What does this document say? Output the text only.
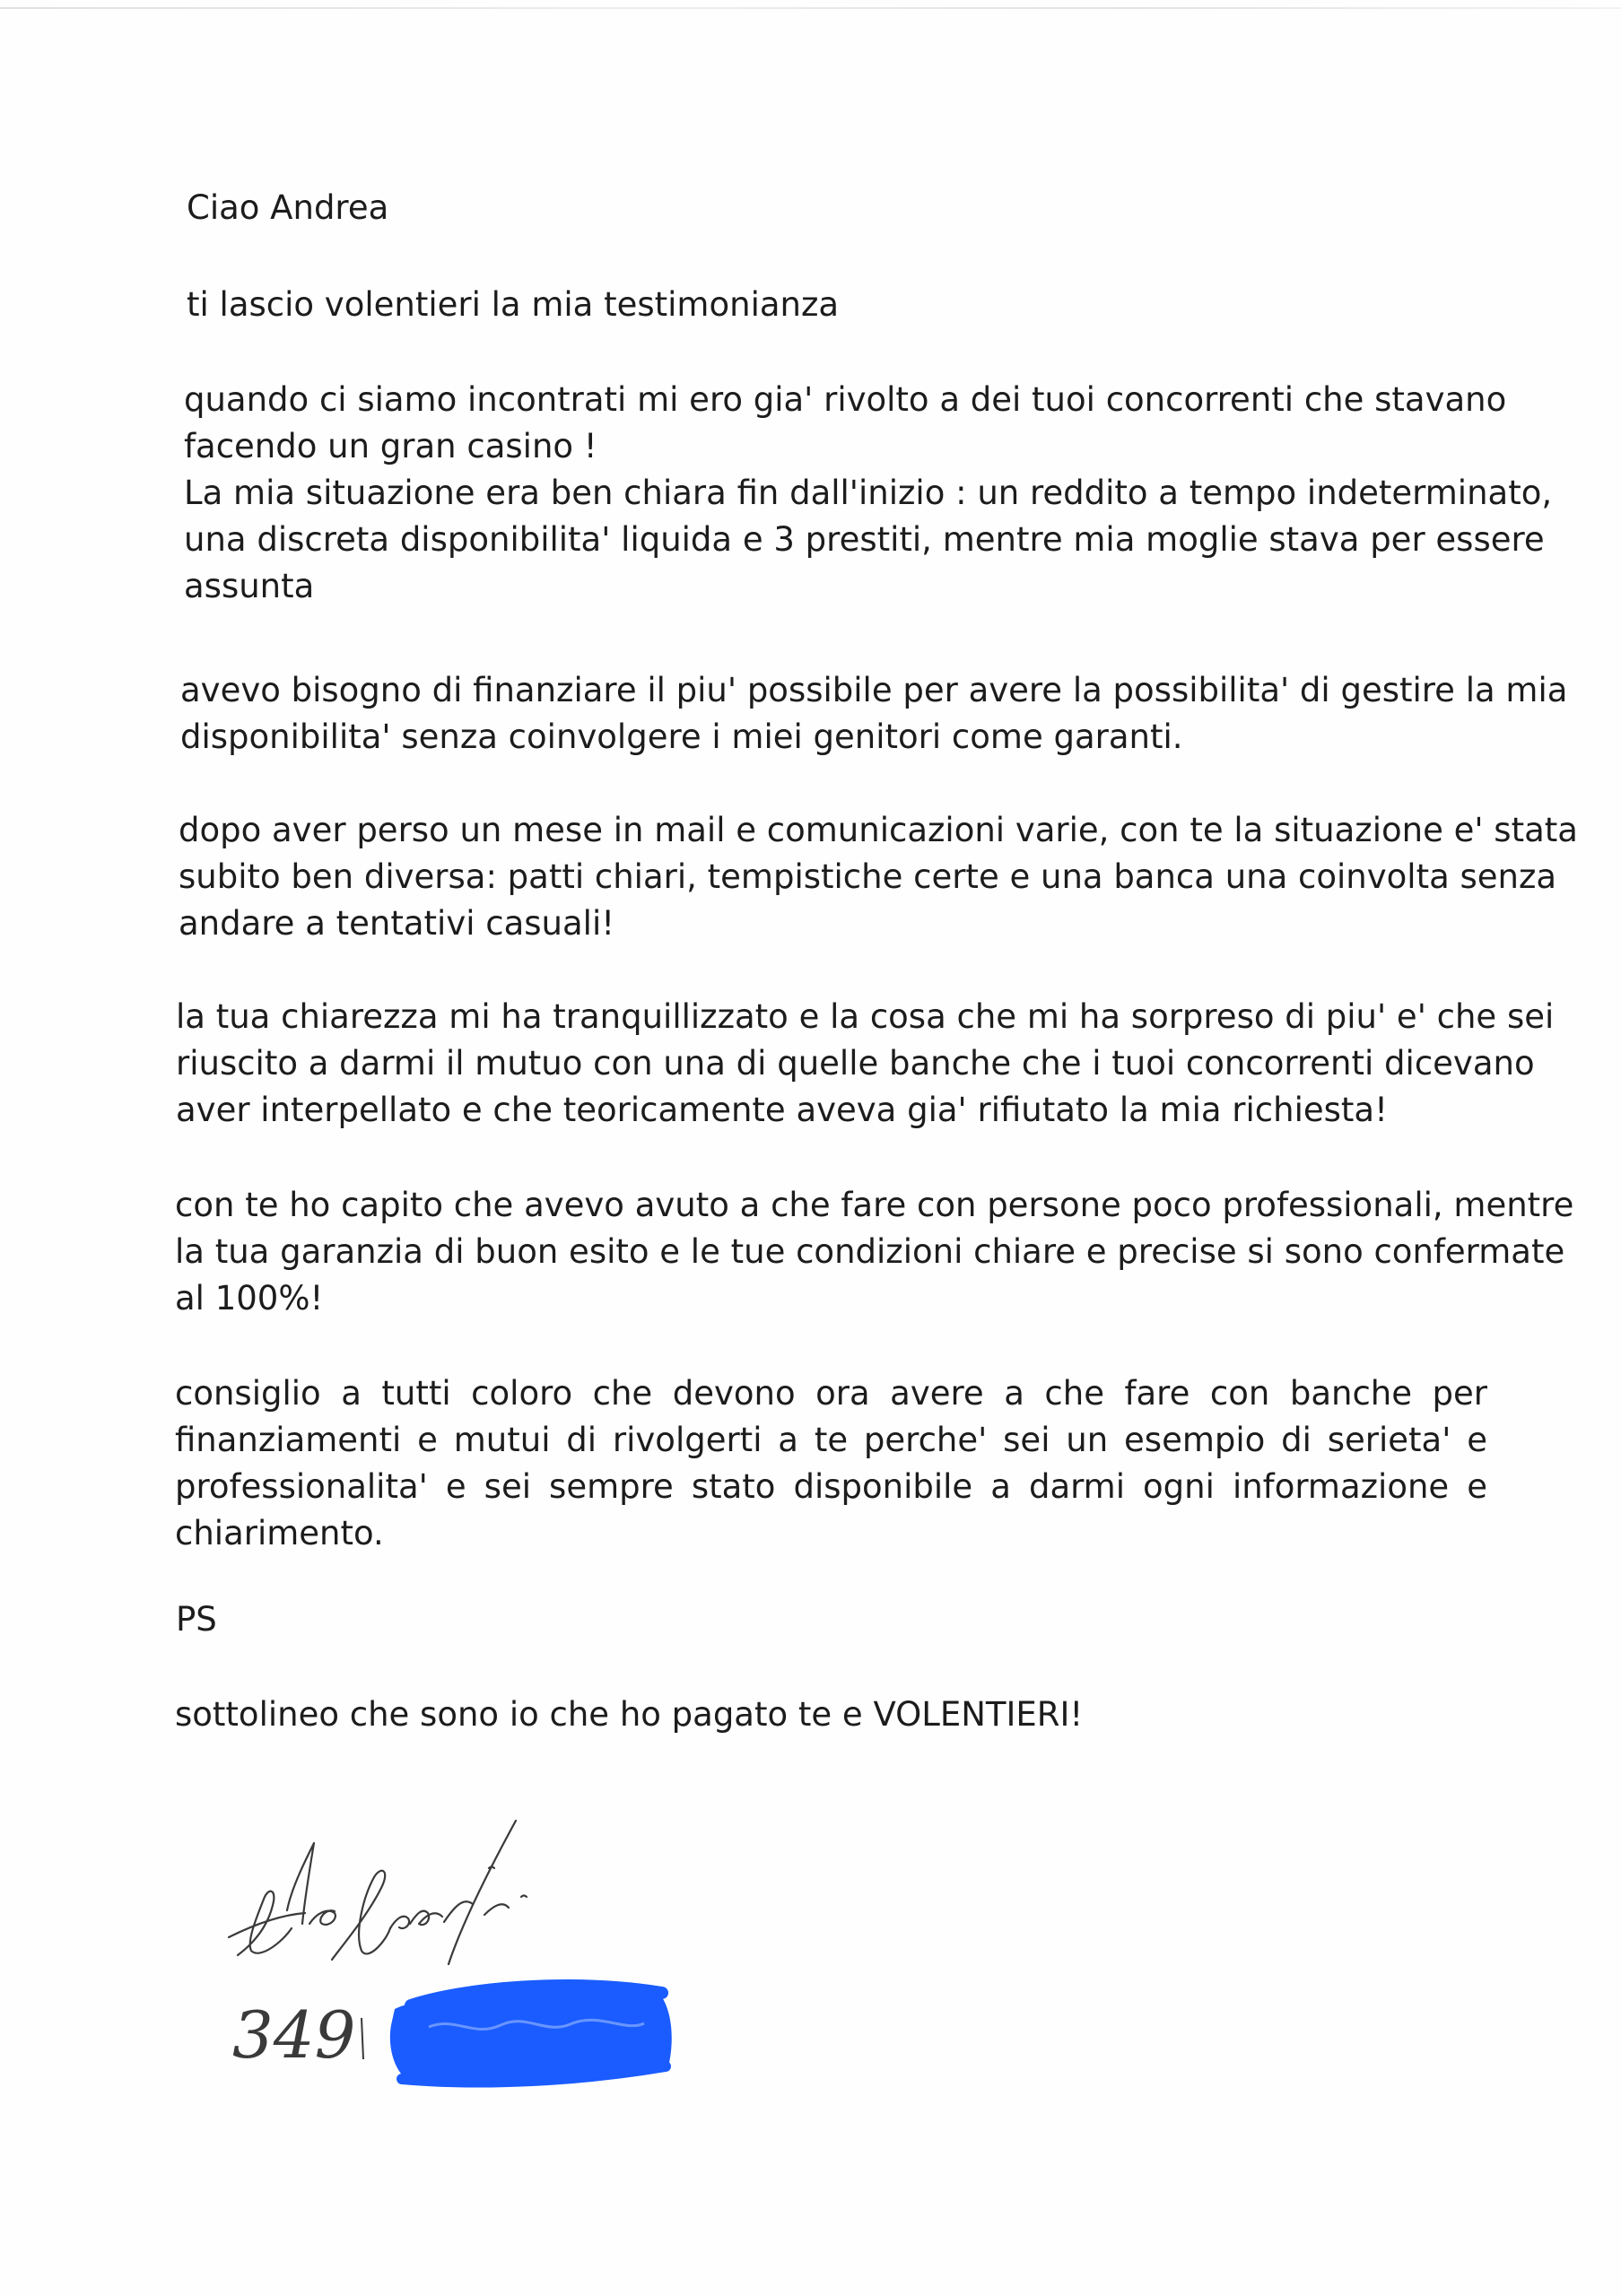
Ciao Andrea

ti lascio volentieri la mia testimonianza

quando ci siamo incontrati mi ero gia' rivolto a dei tuoi concorrenti che stavano
facendo un gran casino !
La mia situazione era ben chiara fin dall'inizio : un reddito a tempo indeterminato,
una discreta disponibilita' liquida e 3 prestiti, mentre mia moglie stava per essere
assunta
avevo bisogno di finanziare il piu' possibile per avere la possibilita' di gestire la mia
disponibilita' senza coinvolgere i miei genitori come garanti.
dopo aver perso un mese in mail e comunicazioni varie, con te la situazione e' stata
subito ben diversa: patti chiari, tempistiche certe e una banca una coinvolta senza
andare a tentativi casuali!
la tua chiarezza mi ha tranquillizzato e la cosa che mi ha sorpreso di piu' e' che sei
riuscito a darmi il mutuo con una di quelle banche che i tuoi concorrenti dicevano
aver interpellato e che teoricamente aveva gia' rifiutato la mia richiesta!
con te ho capito che avevo avuto a che fare con persone poco professionali, mentre
la tua garanzia di buon esito e le tue condizioni chiare e precise si sono confermate
al 100%!
consiglio a tutti coloro che devono ora avere a che fare con banche per
finanziamenti e mutui di rivolgerti a te perche' sei un esempio di serieta' e
professionalita' e sei sempre stato disponibile a darmi ogni informazione e
chiarimento.

PS

sottolineo che sono io che ho pagato te e VOLENTIERI!

349
